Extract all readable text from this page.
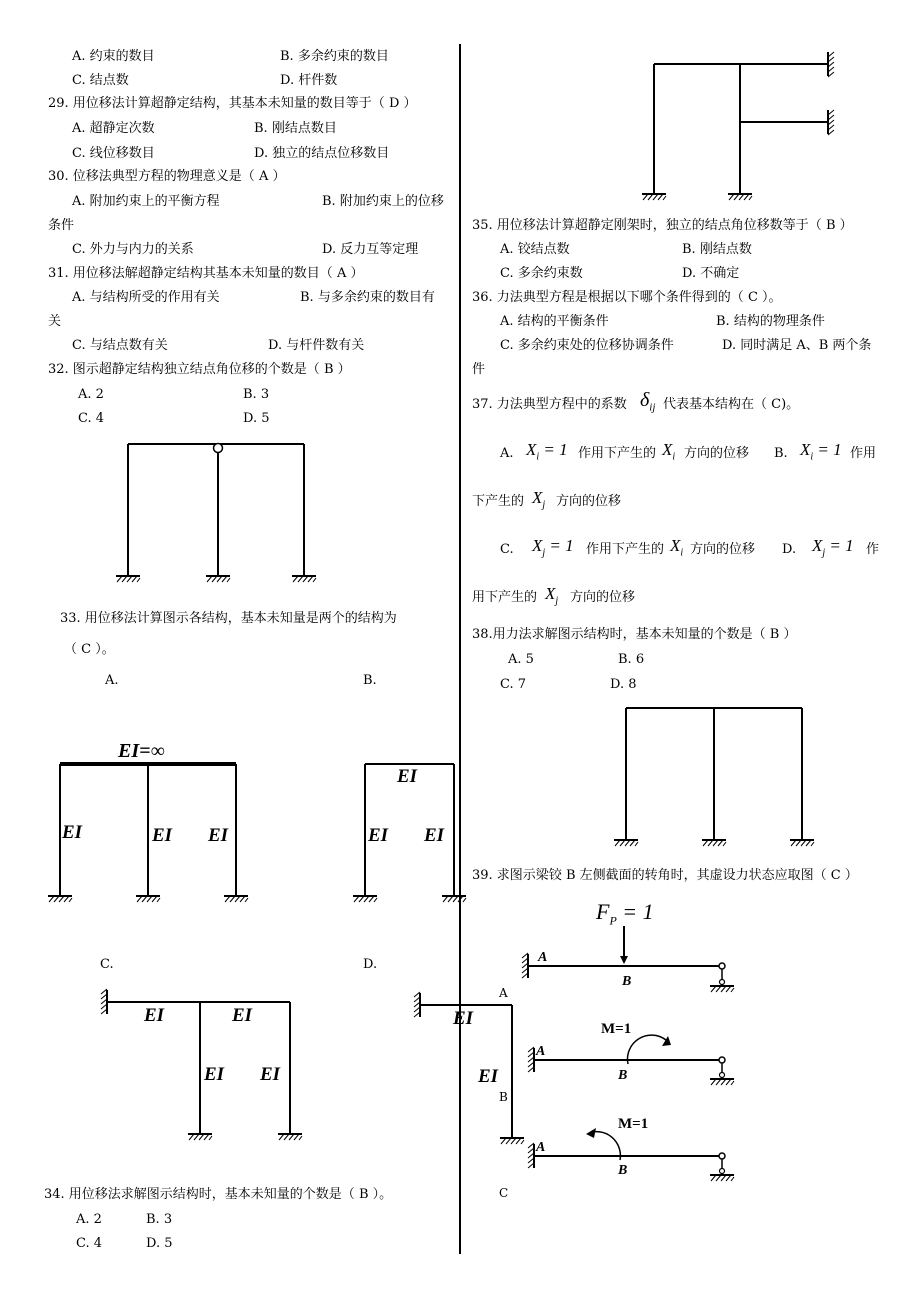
A. 约束的数目	B. 多余约束的数目
C. 结点数	D. 杆件数
29. 用位移法计算超静定结构，其基本未知量的数目等于（ D ）
A. 超静定次数	B. 刚结点数目
C. 线位移数目	D. 独立的结点位移数目
30. 位移法典型方程的物理意义是（ A ）
A. 附加约束上的平衡方程	B. 附加约束上的位移
条件
C. 外力与内力的关系	D. 反力互等定理
31. 用位移法解超静定结构其基本未知量的数目（ A ）
A. 与结构所受的作用有关	B. 与多余约束的数目有
关
C. 与结点数有关	D. 与杆件数有关
32. 图示超静定结构独立结点角位移的个数是（ B ）
A. 2	B. 3
C. 4	D. 5
33. 用位移法计算图示各结构，基本未知量是两个的结构为
（ C ）。
A.	B.
C.	D.
34. 用位移法求解图示结构时，基本未知量的个数是（ B ）。
A. 2	B. 3
C. 4	D. 5
35. 用位移法计算超静定刚架时，独立的结点角位移数等于（ B ）
A. 铰结点数	B. 刚结点数
C. 多余约束数	D. 不确定
36. 力法典型方程是根据以下哪个条件得到的（ C ）。
A. 结构的平衡条件	B. 结构的物理条件
C. 多余约束处的位移协调条件	D. 同时满足 A、B 两个条
件
37. 力法典型方程中的系数 $\delta_{ij}$ 代表基本结构在（ C)。
A. $X_i = 1$ 作用下产生的 $X_i$ 方向的位移 B. $X_i = 1$ 作用
下产生的 $X_j$ 方向的位移
C. $X_j = 1$ 作用下产生的 $X_i$ 方向的位移 D. $X_j = 1$ 作
用下产生的 $X_j$ 方向的位移
38.用力法求解图示结构时，基本未知量的个数是（ B ）
A. 5	B. 6
C. 7	D. 8
39. 求图示梁铰 B 左侧截面的转角时，其虚设力状态应取图（ C ）
A
B
C
EI=∞
EI	EI EI
EI
EI EI
EI	EI
EI EI
EI
EI
$F_P = 1$
A
B
M=1
A
B
M=1
A
B
